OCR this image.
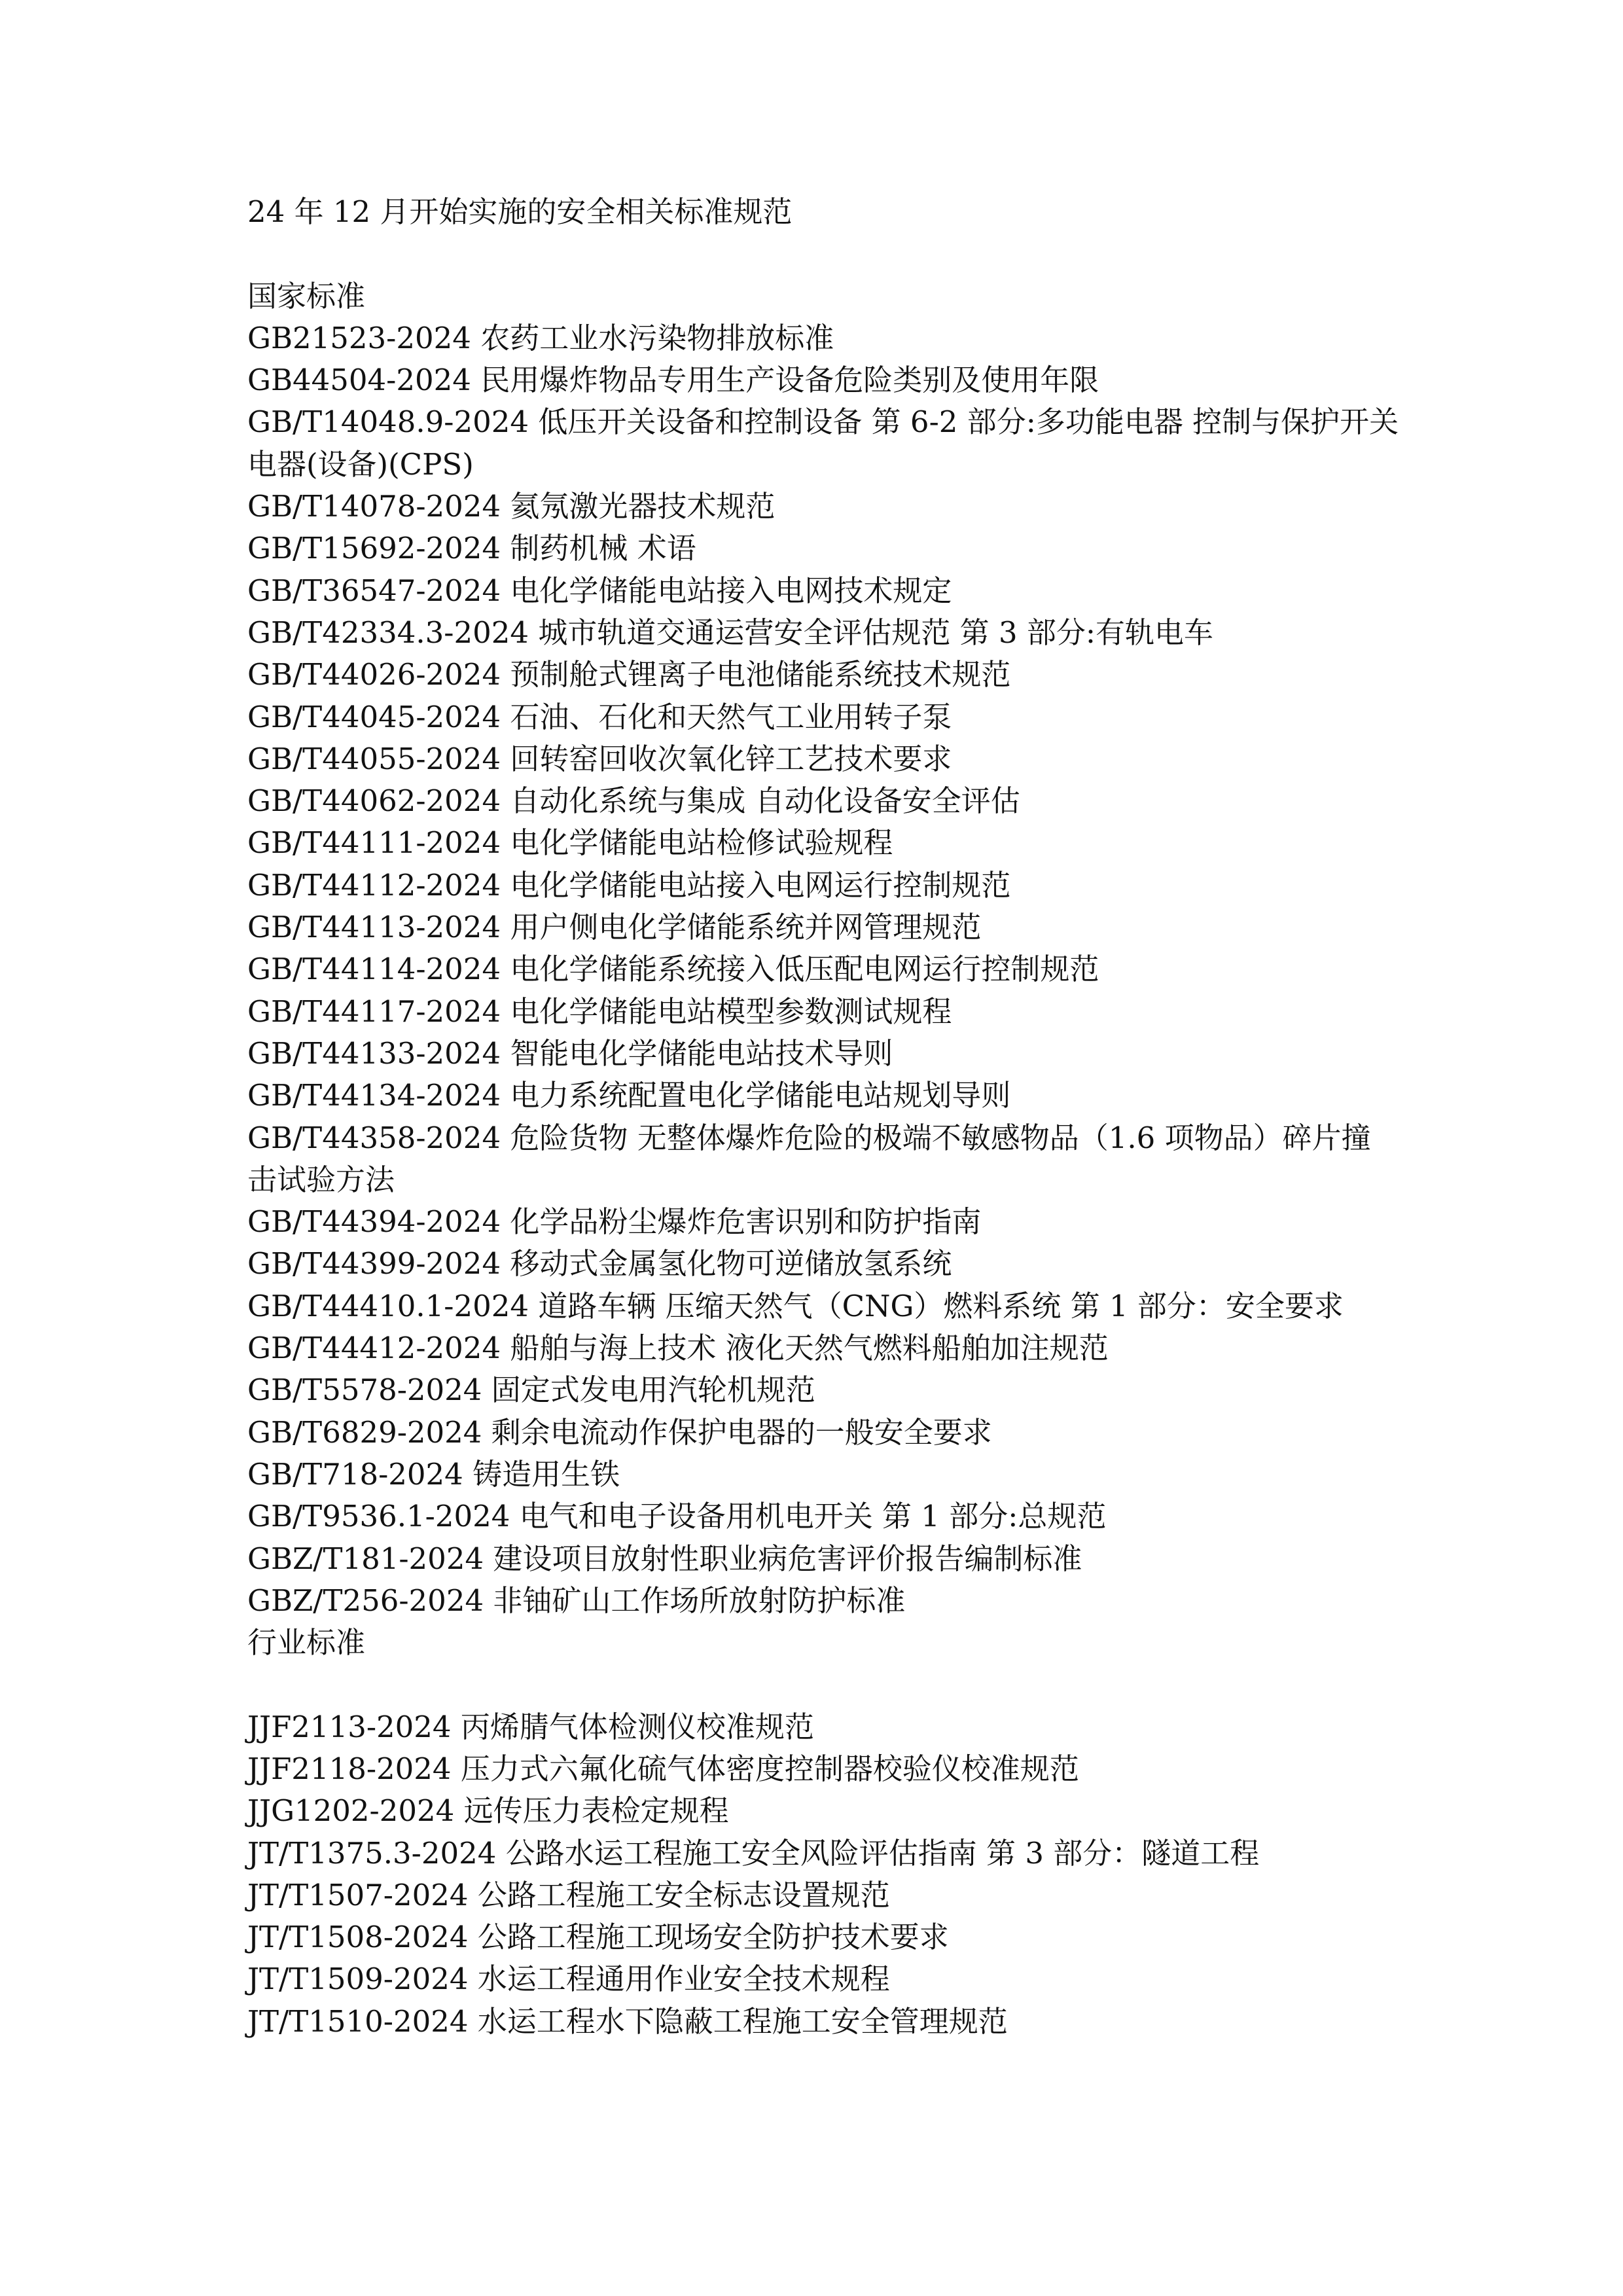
24 年 12 月开始实施的安全相关标准规范

国家标准

GB21523-2024 农药工业水污染物排放标准

GB44504-2024 民用爆炸物品专用生产设备危险类别及使用年限

GB/T14048.9-2024 低压开关设备和控制设备 第 6-2 部分:多功能电器 控制与保护开关电器(设备)(CPS)

GB/T14078-2024 氦氖激光器技术规范

GB/T15692-2024 制药机械 术语

GB/T36547-2024 电化学储能电站接入电网技术规定

GB/T42334.3-2024 城市轨道交通运营安全评估规范 第 3 部分:有轨电车

GB/T44026-2024 预制舱式锂离子电池储能系统技术规范

GB/T44045-2024 石油、石化和天然气工业用转子泵

GB/T44055-2024 回转窑回收次氧化锌工艺技术要求

GB/T44062-2024 自动化系统与集成 自动化设备安全评估

GB/T44111-2024 电化学储能电站检修试验规程

GB/T44112-2024 电化学储能电站接入电网运行控制规范

GB/T44113-2024 用户侧电化学储能系统并网管理规范

GB/T44114-2024 电化学储能系统接入低压配电网运行控制规范

GB/T44117-2024 电化学储能电站模型参数测试规程

GB/T44133-2024 智能电化学储能电站技术导则

GB/T44134-2024 电力系统配置电化学储能电站规划导则

GB/T44358-2024 危险货物 无整体爆炸危险的极端不敏感物品（1.6 项物品）碎片撞击试验方法

GB/T44394-2024 化学品粉尘爆炸危害识别和防护指南

GB/T44399-2024 移动式金属氢化物可逆储放氢系统

GB/T44410.1-2024 道路车辆 压缩天然气（CNG）燃料系统 第 1 部分：安全要求

GB/T44412-2024 船舶与海上技术 液化天然气燃料船舶加注规范

GB/T5578-2024 固定式发电用汽轮机规范

GB/T6829-2024 剩余电流动作保护电器的一般安全要求

GB/T718-2024 铸造用生铁

GB/T9536.1-2024 电气和电子设备用机电开关 第 1 部分:总规范

GBZ/T181-2024 建设项目放射性职业病危害评价报告编制标准

GBZ/T256-2024 非铀矿山工作场所放射防护标准

行业标准

JJF2113-2024 丙烯腈气体检测仪校准规范

JJF2118-2024 压力式六氟化硫气体密度控制器校验仪校准规范

JJG1202-2024 远传压力表检定规程

JT/T1375.3-2024 公路水运工程施工安全风险评估指南 第 3 部分：隧道工程

JT/T1507-2024 公路工程施工安全标志设置规范

JT/T1508-2024 公路工程施工现场安全防护技术要求

JT/T1509-2024 水运工程通用作业安全技术规程

JT/T1510-2024 水运工程水下隐蔽工程施工安全管理规范
